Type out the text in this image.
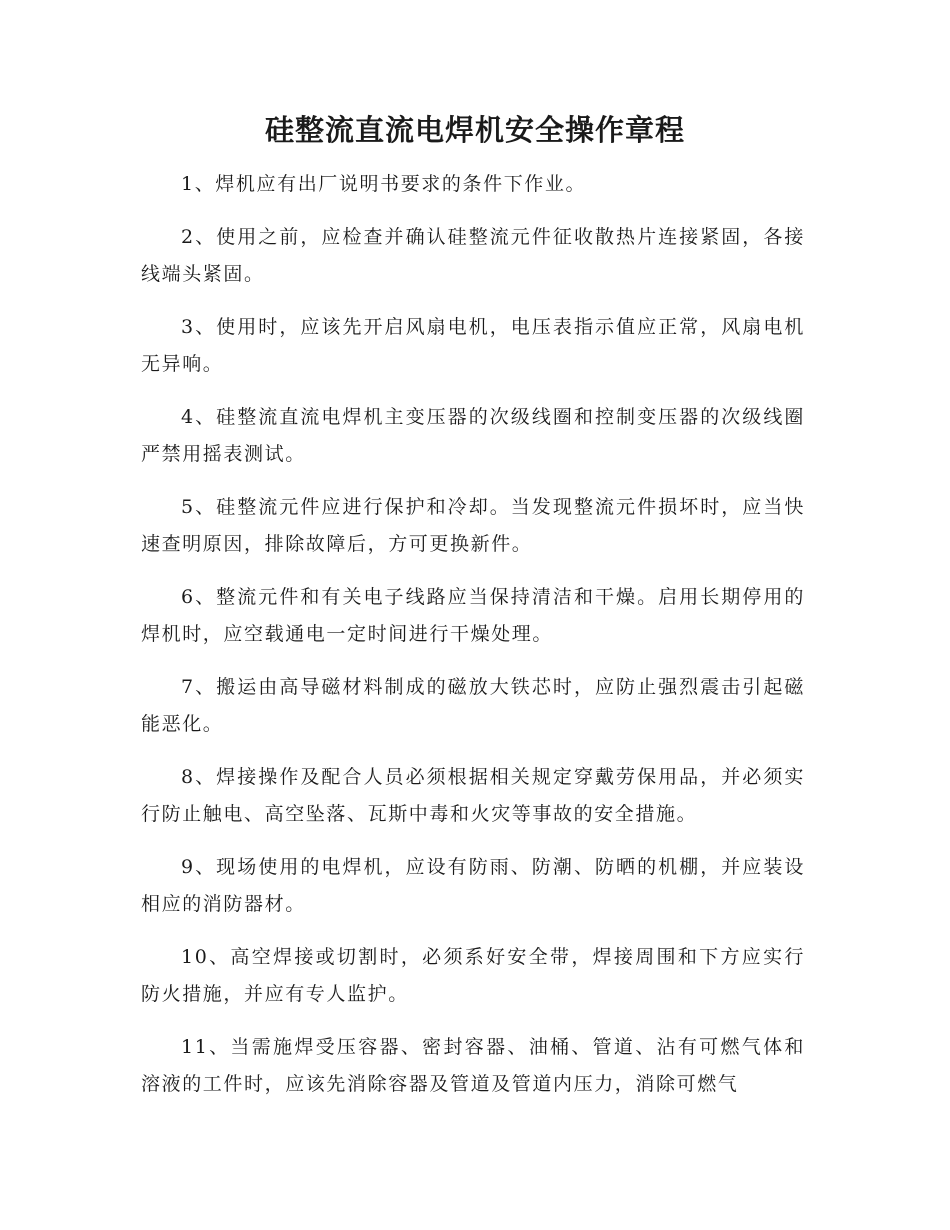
硅整流直流电焊机安全操作章程
1、焊机应有出厂说明书要求的条件下作业。
2、使用之前，应检查并确认硅整流元件征收散热片连接紧固，各接线端头紧固。
3、使用时，应该先开启风扇电机，电压表指示值应正常，风扇电机无异响。
4、硅整流直流电焊机主变压器的次级线圈和控制变压器的次级线圈严禁用摇表测试。
5、硅整流元件应进行保护和冷却。当发现整流元件损坏时，应当快速查明原因，排除故障后，方可更换新件。
6、整流元件和有关电子线路应当保持清洁和干燥。启用长期停用的焊机时，应空载通电一定时间进行干燥处理。
7、搬运由高导磁材料制成的磁放大铁芯时，应防止强烈震击引起磁能恶化。
8、焊接操作及配合人员必须根据相关规定穿戴劳保用品，并必须实行防止触电、高空坠落、瓦斯中毒和火灾等事故的安全措施。
9、现场使用的电焊机，应设有防雨、防潮、防晒的机棚，并应装设相应的消防器材。
10、高空焊接或切割时，必须系好安全带，焊接周围和下方应实行防火措施，并应有专人监护。
11、当需施焊受压容器、密封容器、油桶、管道、沾有可燃气体和溶液的工件时，应该先消除容器及管道及管道内压力，消除可燃气
